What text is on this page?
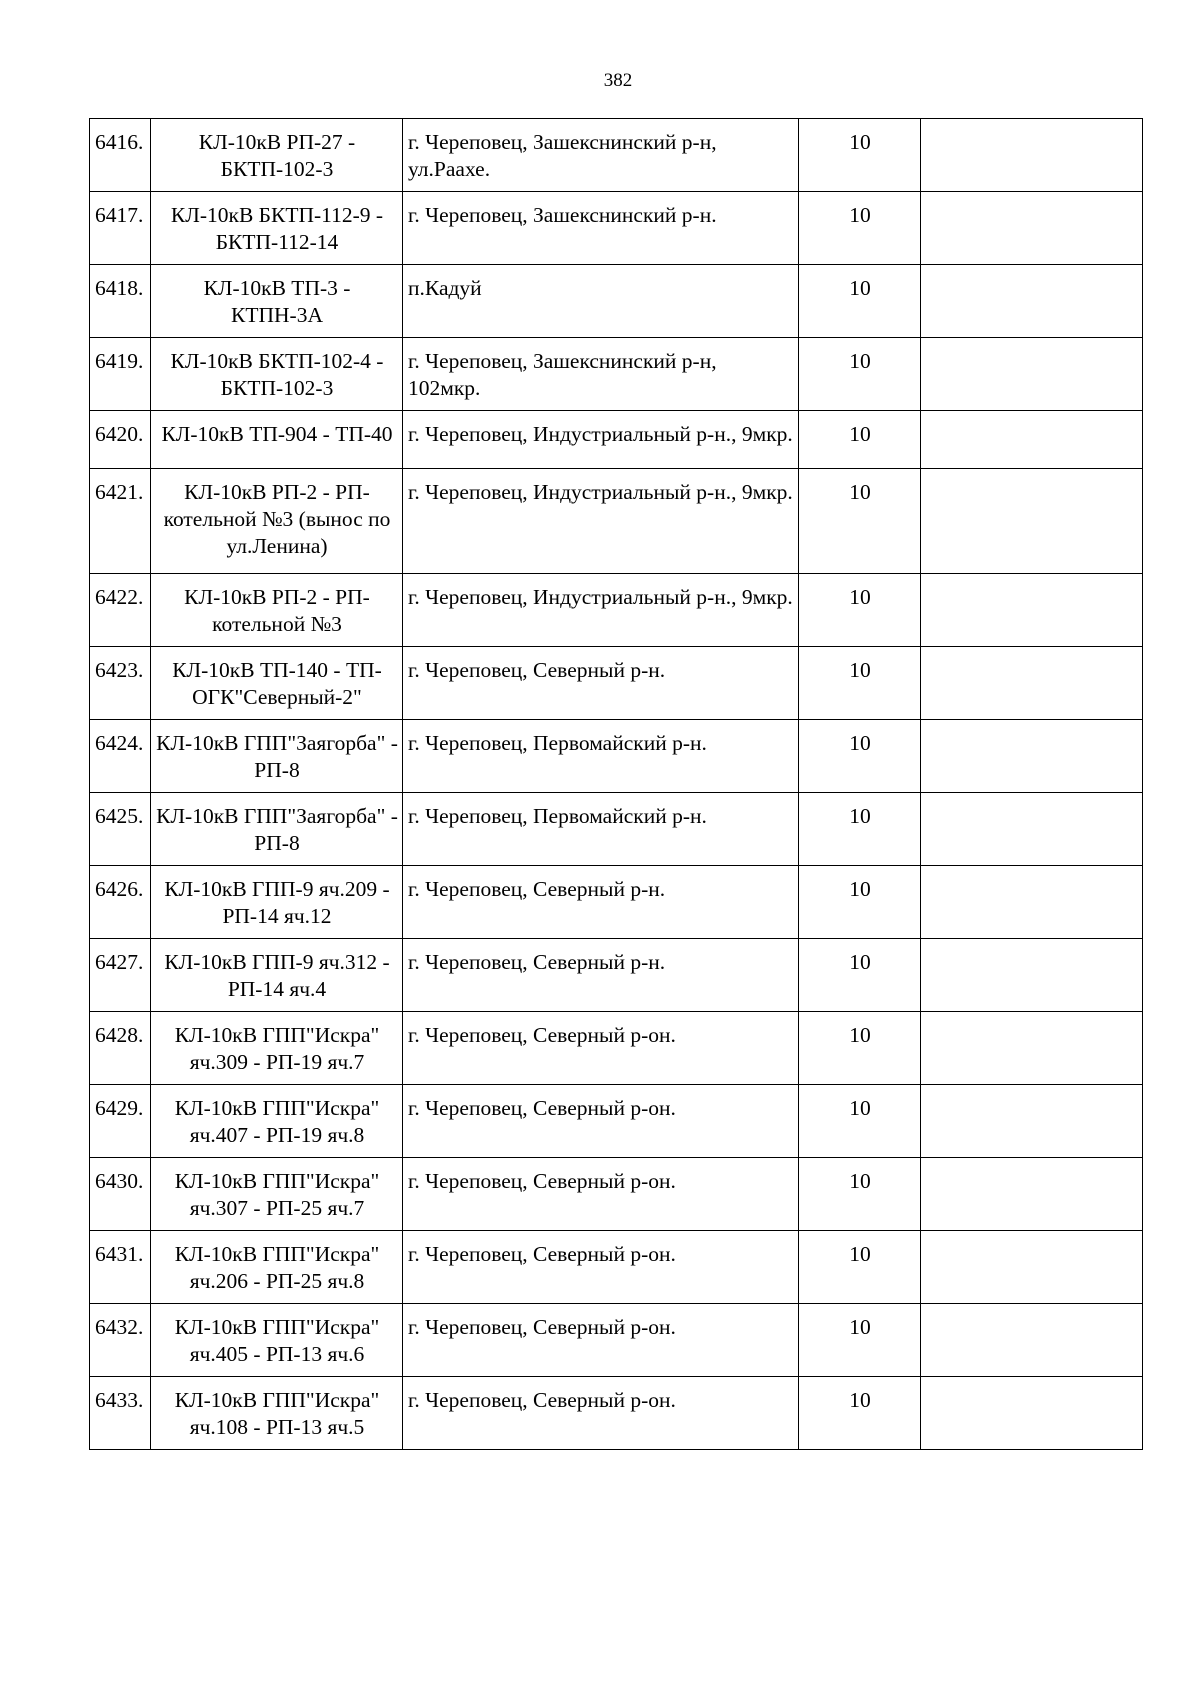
382
6416.	КЛ-10кВ РП-27 - БКТП-102-3	г. Череповец, Зашекснинский р-н, ул.Раахе.	10	
6417.	КЛ-10кВ БКТП-112-9 - БКТП-112-14	г. Череповец, Зашекснинский р-н.	10	
6418.	КЛ-10кВ ТП-3 - КТПН-3А	п.Кадуй	10	
6419.	КЛ-10кВ БКТП-102-4 - БКТП-102-3	г. Череповец, Зашекснинский р-н, 102мкр.	10	
6420.	КЛ-10кВ ТП-904 - ТП-40	г. Череповец, Индустриальный р-н., 9мкр.	10	
6421.	КЛ-10кВ РП-2 - РП-котельной №3 (вынос по ул.Ленина)	г. Череповец, Индустриальный р-н., 9мкр.	10	
6422.	КЛ-10кВ РП-2 - РП-котельной №3	г. Череповец, Индустриальный р-н., 9мкр.	10	
6423.	КЛ-10кВ ТП-140 - ТП-ОГК"Северный-2"	г. Череповец, Северный р-н.	10	
6424.	КЛ-10кВ ГПП"Заягорба" - РП-8	г. Череповец, Первомайский р-н.	10	
6425.	КЛ-10кВ ГПП"Заягорба" - РП-8	г. Череповец, Первомайский р-н.	10	
6426.	КЛ-10кВ ГПП-9 яч.209 - РП-14 яч.12	г. Череповец, Северный р-н.	10	
6427.	КЛ-10кВ ГПП-9 яч.312 - РП-14 яч.4	г. Череповец, Северный р-н.	10	
6428.	КЛ-10кВ ГПП"Искра" яч.309 - РП-19 яч.7	г. Череповец, Северный р-он.	10	
6429.	КЛ-10кВ ГПП"Искра" яч.407 - РП-19 яч.8	г. Череповец, Северный р-он.	10	
6430.	КЛ-10кВ ГПП"Искра" яч.307 - РП-25 яч.7	г. Череповец, Северный р-он.	10	
6431.	КЛ-10кВ ГПП"Искра" яч.206 - РП-25 яч.8	г. Череповец, Северный р-он.	10	
6432.	КЛ-10кВ ГПП"Искра" яч.405 - РП-13 яч.6	г. Череповец, Северный р-он.	10	
6433.	КЛ-10кВ ГПП"Искра" яч.108 - РП-13 яч.5	г. Череповец, Северный р-он.	10	
